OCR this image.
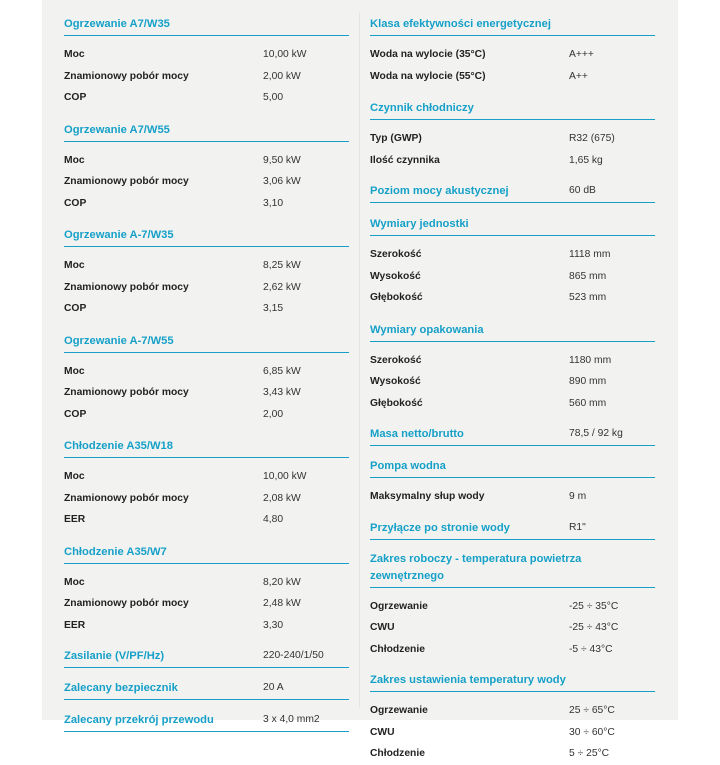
Ogrzewanie A7/W35
Moc	10,00 kW
Znamionowy pobór mocy	2,00 kW
COP	5,00
Ogrzewanie A7/W55
Moc	9,50 kW
Znamionowy pobór mocy	3,06 kW
COP	3,10
Ogrzewanie A-7/W35
Moc	8,25 kW
Znamionowy pobór mocy	2,62 kW
COP	3,15
Ogrzewanie A-7/W55
Moc	6,85 kW
Znamionowy pobór mocy	3,43 kW
COP	2,00
Chłodzenie A35/W18
Moc	10,00 kW
Znamionowy pobór mocy	2,08 kW
EER	4,80
Chłodzenie A35/W7
Moc	8,20 kW
Znamionowy pobór mocy	2,48 kW
EER	3,30
Zasilanie (V/PF/Hz)	220-240/1/50
Zalecany bezpiecznik	20 A
Zalecany przekrój przewodu	3 x 4,0 mm2
Klasa efektywności energetycznej
Woda na wylocie (35°C)	A+++
Woda na wylocie (55°C)	A++
Czynnik chłodniczy
Typ (GWP)	R32 (675)
Ilość czynnika	1,65 kg
Poziom mocy akustycznej	60 dB
Wymiary jednostki
Szerokość	1118 mm
Wysokość	865 mm
Głębokość	523 mm
Wymiary opakowania
Szerokość	1180 mm
Wysokość	890 mm
Głębokość	560 mm
Masa netto/brutto	78,5 / 92 kg
Pompa wodna
Maksymalny słup wody	9 m
Przyłącze po stronie wody	R1"
Zakres roboczy - temperatura powietrza zewnętrznego
Ogrzewanie	-25 ÷ 35°C
CWU	-25 ÷ 43°C
Chłodzenie	-5 ÷ 43°C
Zakres ustawienia temperatury wody
Ogrzewanie	25 ÷ 65°C
CWU	30 ÷ 60°C
Chłodzenie	5 ÷ 25°C
